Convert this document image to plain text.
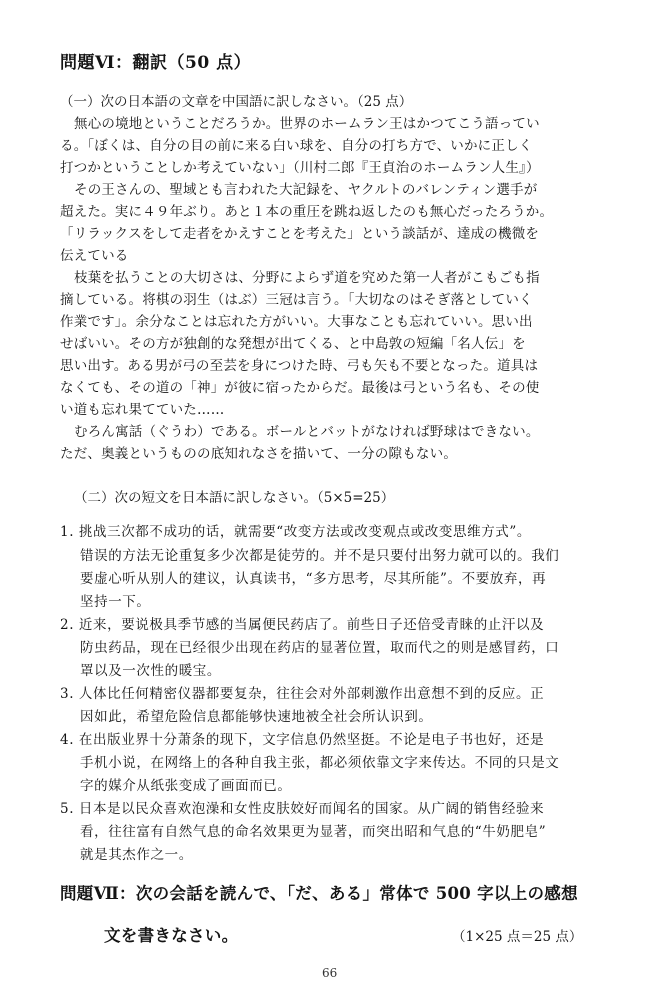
問題Ⅵ：翻訳（50 点）

（一）次の日本語の文章を中国語に訳しなさい。（25 点）

無心の境地ということだろうか。世界のホームラン王はかつてこう語ってい

る。「ぼくは、自分の目の前に来る白い球を、自分の打ち方で、いかに正しく

打つかということしか考えていない」（川村二郎『王貞治のホームラン人生』）

その王さんの、聖域とも言われた大記録を、ヤクルトのバレンティン選手が

超えた。実に４９年ぶり。あと１本の重圧を跳ね返したのも無心だったろうか。

「リラックスをして走者をかえすことを考えた」という談話が、達成の機微を

伝えている

枝葉を払うことの大切さは、分野によらず道を究めた第一人者がこもごも指

摘している。将棋の羽生（はぶ）三冠は言う。「大切なのはそぎ落としていく

作業です」。余分なことは忘れた方がいい。大事なことも忘れていい。思い出

せばいい。その方が独創的な発想が出てくる、と中島敦の短編「名人伝」を

思い出す。ある男が弓の至芸を身につけた時、弓も矢も不要となった。道具は

なくても、その道の「神」が彼に宿ったからだ。最後は弓という名も、その使

い道も忘れ果てていた……

むろん寓話（ぐうわ）である。ボールとバットがなければ野球はできない。

ただ、奥義というものの底知れなさを描いて、一分の隙もない。

（二）次の短文を日本語に訳しなさい。（5×5=25）

1. 挑战三次都不成功的话，就需要“改变方法或改变观点或改变思维方式”。

错误的方法无论重复多少次都是徒劳的。并不是只要付出努力就可以的。我们

要虚心听从别人的建议，认真读书，“多方思考，尽其所能”。不要放弃，再

坚持一下。

2. 近来，要说极具季节感的当属便民药店了。前些日子还倍受青睐的止汗以及

防虫药品，现在已经很少出现在药店的显著位置，取而代之的则是感冒药，口

罩以及一次性的暖宝。

3. 人体比任何精密仪器都要复杂，往往会对外部刺激作出意想不到的反应。正

因如此，希望危险信息都能够快速地被全社会所认识到。

4. 在出版业界十分萧条的现下，文字信息仍然坚挺。不论是电子书也好，还是

手机小说，在网络上的各种自我主张，都必须依靠文字来传达。不同的只是文

字的媒介从纸张变成了画面而已。

5. 日本是以民众喜欢泡澡和女性皮肤姣好而闻名的国家。从广阔的销售经验来

看，往往富有自然气息的命名效果更为显著，而突出昭和气息的“牛奶肥皂”

就是其杰作之一。

問題Ⅶ：次の会話を読んで、「だ、ある」常体で 500 字以上の感想

文を書きなさい。	（1×25 点＝25 点）

66
